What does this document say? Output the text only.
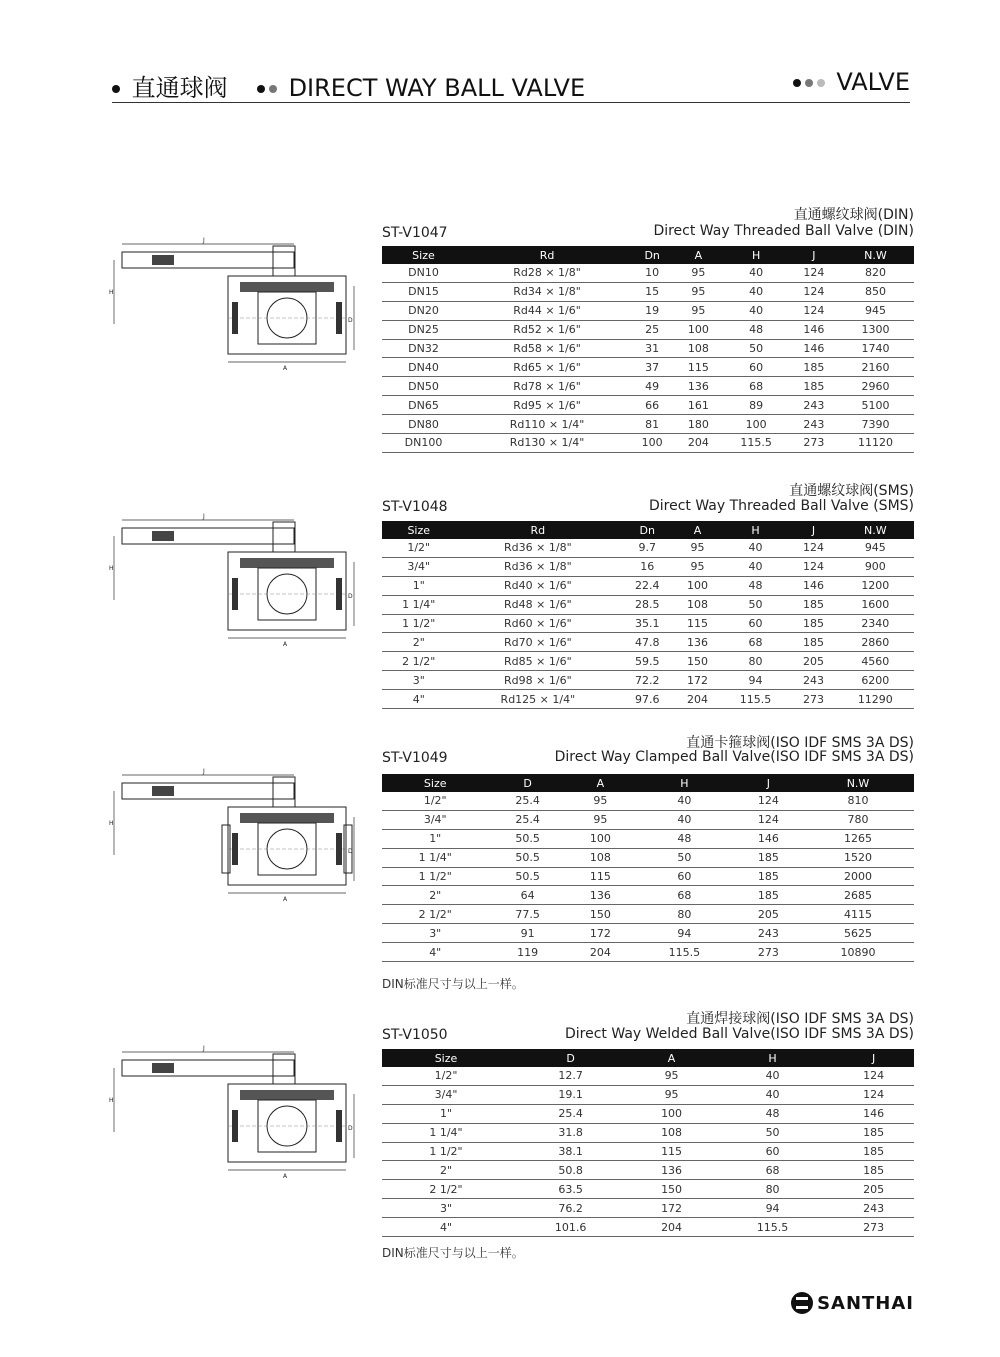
直通球阀	DIRECT WAY BALL VALVE	VALVE
J
H
A
D
J
H
A
D
J
H
A
D
J
H
A
D
直通螺纹球阀(DIN)
ST-V1047	Direct Way Threaded Ball Valve (DIN)
Size	Rd	Dn	A	H	J	N.W
DN10	Rd28 × 1/8"	10	95	40	124	820
DN15	Rd34 × 1/8"	15	95	40	124	850
DN20	Rd44 × 1/6"	19	95	40	124	945
DN25	Rd52 × 1/6"	25	100	48	146	1300
DN32	Rd58 × 1/6"	31	108	50	146	1740
DN40	Rd65 × 1/6"	37	115	60	185	2160
DN50	Rd78 × 1/6"	49	136	68	185	2960
DN65	Rd95 × 1/6"	66	161	89	243	5100
DN80	Rd110 × 1/4"	81	180	100	243	7390
DN100	Rd130 × 1/4"	100	204	115.5	273	11120
直通螺纹球阀(SMS)
ST-V1048	Direct Way Threaded Ball Valve (SMS)
Size	Rd	Dn	A	H	J	N.W
1/2"	Rd36 × 1/8"	9.7	95	40	124	945
3/4"	Rd36 × 1/8"	16	95	40	124	900
1"	Rd40 × 1/6"	22.4	100	48	146	1200
1 1/4"	Rd48 × 1/6"	28.5	108	50	185	1600
1 1/2"	Rd60 × 1/6"	35.1	115	60	185	2340
2"	Rd70 × 1/6"	47.8	136	68	185	2860
2 1/2"	Rd85 × 1/6"	59.5	150	80	205	4560
3"	Rd98 × 1/6"	72.2	172	94	243	6200
4"	Rd125 × 1/4"	97.6	204	115.5	273	11290
直通卡箍球阀(ISO IDF SMS 3A DS)
ST-V1049	Direct Way Clamped Ball Valve(ISO IDF SMS 3A DS)
Size	D	A	H	J	N.W
1/2"	25.4	95	40	124	810
3/4"	25.4	95	40	124	780
1"	50.5	100	48	146	1265
1 1/4"	50.5	108	50	185	1520
1 1/2"	50.5	115	60	185	2000
2"	64	136	68	185	2685
2 1/2"	77.5	150	80	205	4115
3"	91	172	94	243	5625
4"	119	204	115.5	273	10890
DIN标准尺寸与以上一样。
直通焊接球阀(ISO IDF SMS 3A DS)
ST-V1050	Direct Way Welded Ball Valve(ISO IDF SMS 3A DS)
Size	D	A	H	J
1/2"	12.7	95	40	124
3/4"	19.1	95	40	124
1"	25.4	100	48	146
1 1/4"	31.8	108	50	185
1 1/2"	38.1	115	60	185
2"	50.8	136	68	185
2 1/2"	63.5	150	80	205
3"	76.2	172	94	243
4"	101.6	204	115.5	273
DIN标准尺寸与以上一样。
SANTHAI
